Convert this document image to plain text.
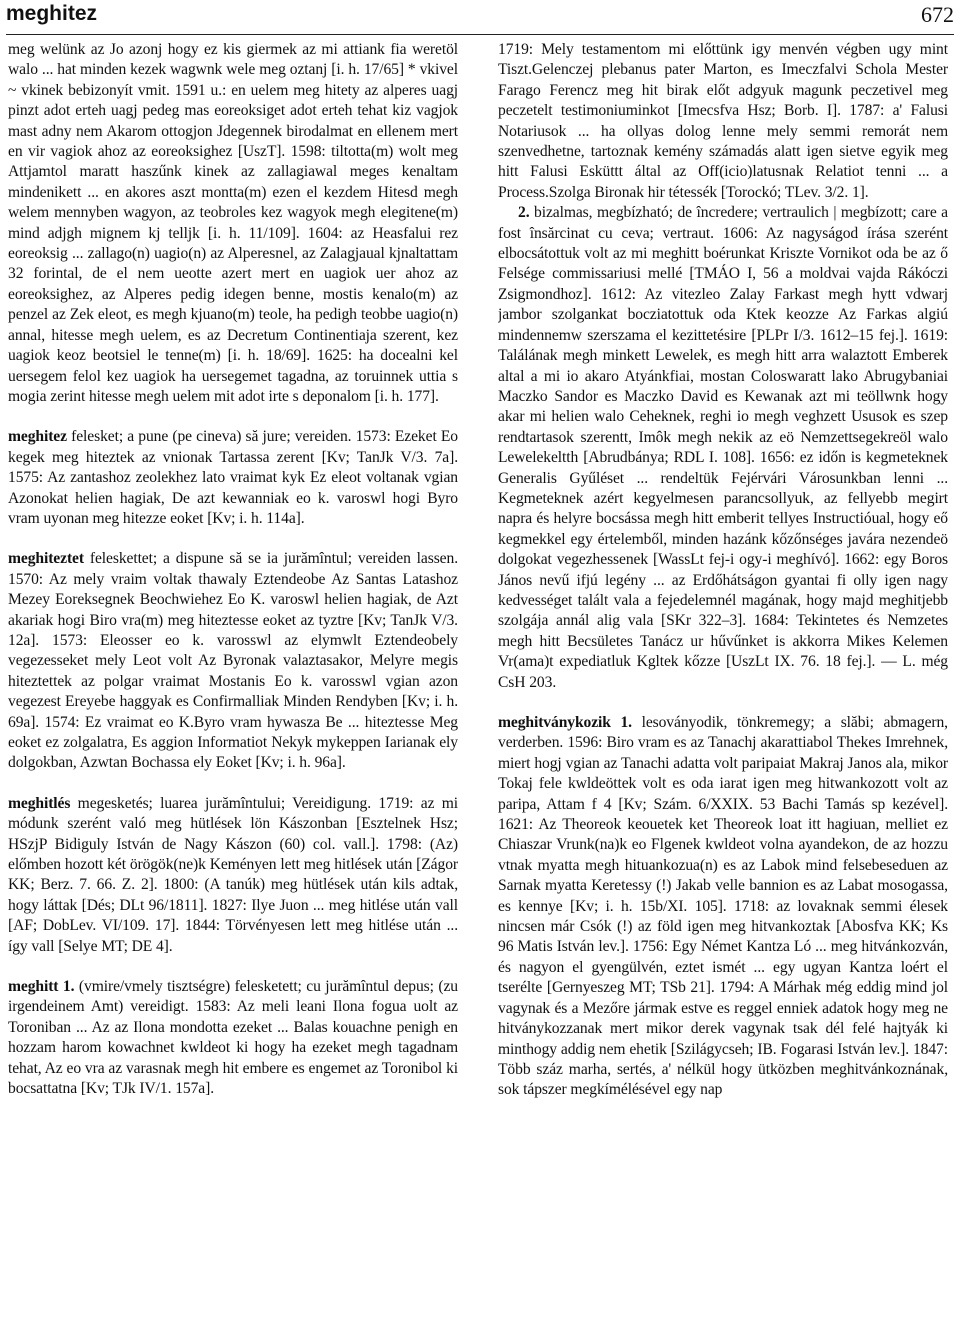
meghitez	672

meg welünk az Jo azonj hogy ez kis giermek az mi attiank fia weretöl walo ... hat minden kezek wagwnk wele meg oztanj [i. h. 17/65] * vkivel ~ vkinek bebizonyít vmit. 1591 u.: en uelem meg hitety az alperes uagj pinzt adot erteh uagj pedeg mas eoreoksiget adot erteh tehat kiz vagjok mast adny nem Akarom ottogjon Jdegennek birodalmat en ellenem mert en vir vagiok ahoz az eoreoksighez [UszT]. 1598: tiltotta(m) wolt meg Attjamtol maratt haszűnk kinek az zallagiawal meges kenaltam mindenikett ... en akores aszt montta(m) ezen el kezdem Hitesd megh welem mennyben wagyon, az teobroles kez wagyok megh elegitene(m) mind adjgh mignem kj telljk [i. h. 11/109]. 1604: az Heasfalui rez eoreoksig ... zallago(n) uagio(n) az Alperesnel, az Zalagjaual kjnaltattam 32 forintal, de el nem ueotte azert mert en uagiok uer ahoz az eoreoksighez, az Alperes pedig idegen benne, mostis kenalo(m) az penzel az Zek eleot, es megh kjuano(m) teole, ha pedigh teobbe uagio(n) annal, hitesse megh uelem, es az Decretum Continentiaja szerent, kez uagiok keoz beotsiel le tenne(m) [i. h. 18/69]. 1625: ha docealni kel uersegem felol kez uagiok ha uersegemet tagadna, az toruinnek uttia s mogia zerint hitesse megh uelem mit adot irte s deponalom [i. h. 177].

meghitez felesket; a pune (pe cineva) să jure; vereiden. 1573: Ezeket Eo kegek meg hiteztek az vnionak Tartassa zerent [Kv; TanJk V/3. 7a]. 1575: Az zantashoz zeolekhez lato vraimat kyk Ez eleot voltanak vgian Azonokat helien hagiak, De azt kewanniak eo k. varoswl hogi Byro vram uyonan meg hitezze eoket [Kv; i. h. 114a].

meghiteztet feleskettet; a dispune să se ia jurămîntul; vereiden lassen. 1570: Az mely vraim voltak thawaly Eztendeobe Az Santas Latashoz Mezey Eoreksegnek Beochwiehez Eo K. varoswl helien hagiak, de Azt akariak hogi Biro vra(m) meg hiteztesse eoket az tyztre [Kv; TanJk V/3. 12a]. 1573: Eleosser eo k. varosswl az elymwlt Eztendeobely vegezesseket mely Leot volt Az Byronak valaztasakor, Melyre megis hiteztettek az polgar vraimat Mostanis Eo k. varosswl vgian azon vegezest Ereyebe haggyak es Confirmalliak Minden Rendyben [Kv; i. h. 69a]. 1574: Ez vraimat eo K.Byro vram hywasza Be ... hiteztesse Meg eoket ez zolgalatra, Es aggion Informatiot Nekyk mykeppen Iarianak ely dolgokban, Azwtan Bochassa ely Eoket [Kv; i. h. 96a].

meghitlés megesketés; luarea jurămîntului; Vereidigung. 1719: az mi módunk szerént való meg hütlések lön Kászonban [Esztelnek Hsz; HSzjP Bidiguly István de Nagy Kászon (60) col. vall.]. 1798: (Az) előmben hozott két örögök(ne)k Keményen lett meg hitlések után [Zágor KK; Berz. 7. 66. Z. 2]. 1800: (A tanúk) meg hütlések után kils adtak, hogy láttak [Dés; DLt 96/1811]. 1827: Ilye Juon ... meg hitlése után vall [AF; DobLev. VI/109. 17]. 1844: Törvényesen lett meg hitlése után ... így vall [Selye MT; DE 4].

meghitt 1. (vmire/vmely tisztségre) felesketett; cu jurămîntul depus; (zu irgendeinem Amt) vereidigt. 1583: Az meli leani Ilona fogua uolt az Toroniban ... Az az Ilona mondotta ezeket ... Balas kouachne penigh en hozzam harom kowachnet kwldeot ki hogy ha ezeket megh tagadnam tehat, Az eo vra az varasnak megh hit embere es engemet az Toronibol ki bocsattatna [Kv; TJk IV/1. 157a].

1719: Mely testamentom mi előttünk igy menvén végben ugy mint Tiszt.Gelenczej plebanus pater Marton, es Imeczfalvi Schola Mester Farago Ferencz meg hit birak előt adgyuk magunk peczetivel meg peczetelt testimoniuminkot [Imecsfva Hsz; Borb. I]. 1787: a' Falusi Notariusok ... ha ollyas dolog lenne mely semmi remorát nem szenvedhetne, tartoznak kemény számadás alatt igen sietve egyik meg hitt Falusi Esküttt által az Off(icio)latusnak Relatiot tenni ... a Process.Szolga Bironak hir tétessék [Torockó; TLev. 3/2. 1].

2. bizalmas, megbízható; de încredere; vertraulich | megbízott; care a fost însărcinat cu ceva; vertraut. 1606: Az nagyságod írása szerént elbocsátottuk volt az mi meghitt boérunkat Kriszte Vornikot oda be az ő Felsége commissariusi mellé [TMÁO I, 56 a moldvai vajda Rákóczi Zsigmondhoz]. 1612: Az vitezleo Zalay Farkast megh hytt vdwarj jambor szolgankat bocziatottuk oda Ktek keozze Az Farkas algiú mindennemw szerszama el kezittetésire [PLPr I/3. 1612–15 fej.]. 1619: Találának megh minkett Lewelek, es megh hitt arra walaztott Emberek altal a mi io akaro Atyánkfiai, mostan Coloswaratt lako Abrugybaniai Maczko Sandor es Maczko David es Kewanak azt mi teöllwnk hogy akar mi helien walo Ceheknek, reghi io megh veghzett Ususok es szep rendtartasok szerentt, Imôk megh nekik az eö Nemzettsegekreöl walo Lewelekeltth [Abrudbánya; RDL I. 108]. 1656: ez időn is kegmeteknek Generalis Gyűléset ... rendeltük Fejérvári Városunkban lenni ... Kegmeteknek azért kegyelmesen parancsollyuk, az fellyebb megirt napra és helyre bocsássa megh hitt emberit tellyes Instructióual, hogy eő kegmekkel egy értelemből, minden hazánk kőzőnséges javára nezendeö dolgokat vegezhessenek [WassLt fej-i ogy-i meghívó]. 1662: egy Boros János nevű ifjú legény ... az Erdőhátságon gyantai fi olly igen nagy kedvességet talált vala a fejedelemnél magának, hogy majd meghitjebb szolgája annál alig vala [SKr 322–3]. 1684: Tekintetes és Nemzetes megh hitt Becsületes Tanácz ur hűvűnket is akkorra Mikes Kelemen Vr(ama)t expediatluk Kgltek kőzze [UszLt IX. 76. 18 fej.]. — L. még CsH 203.

meghitványkozik 1. lesoványodik, tönkremegy; a slăbi; abmagern, verderben. 1596: Biro vram es az Tanachj akarattiabol Thekes Imrehnek, miert hogj vgian az Tanachi adatta volt paripaiat Makraj Janos ala, mikor Tokaj fele kwldeöttek volt es oda iarat igen meg hitwankozott volt az paripa, Attam f 4 [Kv; Szám. 6/XXIX. 53 Bachi Tamás sp kezével]. 1621: Az Theoreok keouetek ket Theoreok loat itt hagiuan, melliet ez Chiaszar Vrunk(na)k eo Flgenek kwldeot volna ayandekon, de az hozzu vtnak myatta megh hituankozua(n) es az Labok mind felsebeseduen az Sarnak myatta Keretessy (!) Jakab velle bannion es az Labat mosogassa, es kennye [Kv; i. h. 15b/XI. 105]. 1718: az lovaknak semmi élesek nincsen már Csók (!) az föld igen meg hitvankoztak [Abosfva KK; Ks 96 Matis István lev.]. 1756: Egy Német Kantza Ló ... meg hitvánkozván, és nagyon el gyengülvén, eztet ismét ... egy ugyan Kantza loért el tserélte [Gernyeszeg MT; TSb 21]. 1794: A Márhak még eddig mind jol vagynak és a Mezőre jármak estve es reggel enniek adatok hogy meg ne hitványkozzanak mert mikor derek vagynak tsak dél felé hajtyák ki minthogy addig nem ehetik [Szilágycseh; IB. Fogarasi István lev.]. 1847: Több száz marha, sertés, a' nélkül hogy ütközben meghitvánkoznának, sok tápszer megkímélésével egy nap
